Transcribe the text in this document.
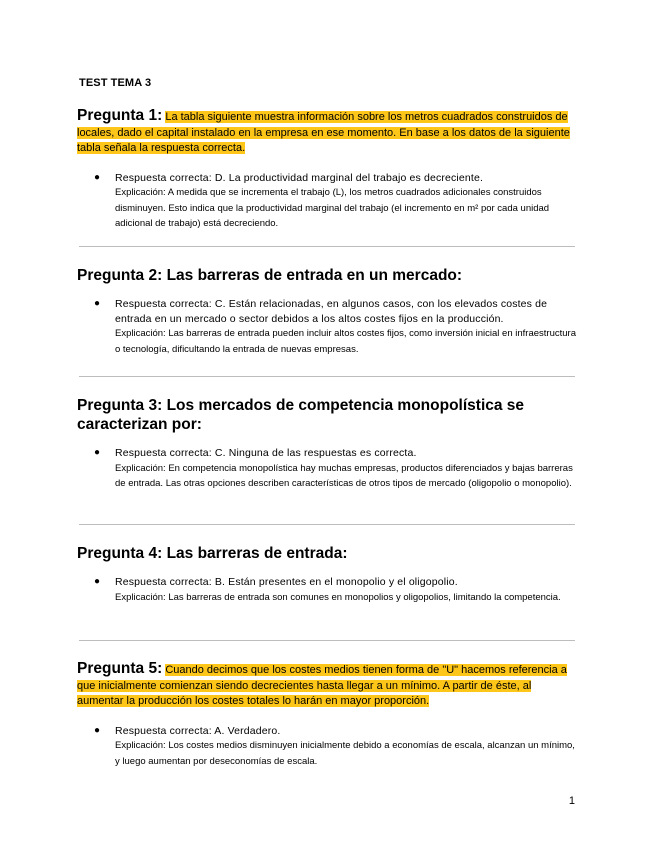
TEST TEMA 3

Pregunta 1: La tabla siguiente muestra información sobre los metros cuadrados construidos de locales, dado el capital instalado en la empresa en ese momento. En base a los datos de la siguiente tabla señala la respuesta correcta.

● Respuesta correcta: D. La productividad marginal del trabajo es decreciente.
Explicación: A medida que se incrementa el trabajo (L), los metros cuadrados adicionales construidos disminuyen. Esto indica que la productividad marginal del trabajo (el incremento en m² por cada unidad adicional de trabajo) está decreciendo.

Pregunta 2: Las barreras de entrada en un mercado:

● Respuesta correcta: C. Están relacionadas, en algunos casos, con los elevados costes de entrada en un mercado o sector debidos a los altos costes fijos en la producción.
Explicación: Las barreras de entrada pueden incluir altos costes fijos, como inversión inicial en infraestructura o tecnología, dificultando la entrada de nuevas empresas.

Pregunta 3: Los mercados de competencia monopolística se caracterizan por:

● Respuesta correcta: C. Ninguna de las respuestas es correcta.
Explicación: En competencia monopolística hay muchas empresas, productos diferenciados y bajas barreras de entrada. Las otras opciones describen características de otros tipos de mercado (oligopolio o monopolio).

Pregunta 4: Las barreras de entrada:

● Respuesta correcta: B. Están presentes en el monopolio y el oligopolio.
Explicación: Las barreras de entrada son comunes en monopolios y oligopolios, limitando la competencia.

Pregunta 5: Cuando decimos que los costes medios tienen forma de "U" hacemos referencia a que inicialmente comienzan siendo decrecientes hasta llegar a un mínimo. A partir de éste, al aumentar la producción los costes totales lo harán en mayor proporción.

● Respuesta correcta: A. Verdadero.
Explicación: Los costes medios disminuyen inicialmente debido a economías de escala, alcanzan un mínimo, y luego aumentan por deseconomías de escala.
1
